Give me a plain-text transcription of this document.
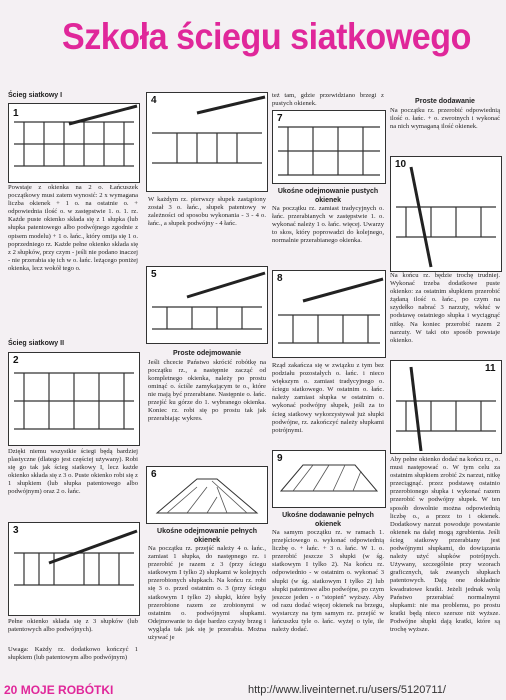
Szkoła ściegu siatkowego
Ścieg siatkowy I
1
Powstaje z okienka na 2 o. Łańcuszek początkowy musi zatem wynosić: 2 x wymagana liczba okienek + 1 o. na ostatnie o. + odpowiednia ilość o. w zastępstwie 1. o. 1. rz. Każde puste okienko składa się z 1 słupka (lub słupka patentowego albo podwójnego zgodnie z opisem modelu) + 1 o. łańc., który omija się 1 o. poprzedniego rz. Każde pełne okienko składa się z 2 słupków, przy czym - jeśli nie podano inaczej - nie przerabia się ich w o. łańc. leżącego poniżej okienka, lecz wokół tego o.
Ścieg siatkowy II
2
Dzięki niemu wszystkie ściegi będą bardziej plastyczne (dlatego jest częściej używany). Robi się go tak jak ścieg siatkowy I, lecz każde okienko składa się z 3 o. Puste okienko robi się z 1 słupkiem (lub słupka patentowego albo podwójnym) oraz 2 o. łańc.
3
Pełne okienko składa się z 3 słupków (lub patentowych albo podwójnych).
Uwaga: Każdy rz. dodatkowo kończyć 1 słupkiem (lub patentowym albo podwójnym)
4
W każdym rz. pierwszy słupek zastąpiony został 3 o. łańc., słupek patentowy w zależności od sposobu wykonania - 3 - 4 o. łańc., a słupek podwójny - 4 łańc.
5
Proste odejmowanie
Jeśli chcecie Państwo skrócić robótkę na początku rz., a następnie zacząć od kompletnego okienka, należy po prostu ominąć o. ściśle zamykającym te o., które nie mają być przerabiane. Następnie o. łańc. przejść ku górze do 1. wybranego okienka. Koniec rz. robi się po prostu tak jak przerabiając wykres.
6
Ukośne odejmowanie pełnych okienek
Na początku rz. przejść należy 4 o. łańc., zamiast 1 słupka, do następnego rz. i przerobić je razem z 3 (przy ściegu siatkowym I tylko 2) słupkami w kolejnych przerobionych słupkach. Na końcu rz. robi się 3 o. przed ostatnim o. 3 (przy ściegu siatkowym I tylko 2) słupki, które były przerobione razem ze zrobionymi w ostatnim o. podwójnymi słupkami. Odejmowanie to daje bardzo czysty brzeg i wygląda tak jak się je przerabia. Można używać je
też tam, gdzie przewidziano brzegi z pustych okienek.
7
Ukośne odejmowanie pustych okienek
Na początku rz. zamiast tradycyjnych o. łańc. przerabianych w zastępstwie 1. o. wykonać należy 1 o. łańc. więcej. Uwarzy to skos, który poprowadzi do kolejnego, normalnie przerabianego okienka.
8
Rząd zakańcza się w związku z tym bez podziału pozostałych o. łańc. i nieco większym o. zamiast tradycyjnego o. ściegu siatkowego. W ostatnim o. łańc. należy zamiast słupka w ostatnim o. wykonać podwójny słupek, jeśli za to ścieg siatkowy wykorzystywał już słupki podwójne, rz. zakończyć należy słupkami potrójnymi.
9
Ukośne dodawanie pełnych okienek
Na samym początku rz. w ramach 1. przejściowego o. wykonać odpowiednią liczbę o. + łańc. + 3 o. łańc. W 1. o. przerobić jeszcze 3 słupki (w śg. siatkowym I tylko 2). Na końcu rz. odpowiednio - w ostatnim o. wykonać 3 słupki (w śg. siatkowym I tylko 2) lub słupki patentowe albo podwójne, po czym jeszcze jeden - o "stopień" wyższy. Aby od razu dodać więcej okienek na brzegu, wystarczy na tym samym rz. przejść w łańcuszku tyle o. łańc. wyżej o tyle, ile należy dodać.
Proste dodawanie
Na początku rz. przerobić odpowiednią ilość o. łańc. + o. zwrotnych i wykonać na nich wymaganą ilość okienek.
10
Na końcu rz. będzie trochę trudniej. Wykonać trzeba dodatkowe puste okienko: za ostatnim słupkiem przerobić żądaną ilość o. łańc., po czym na szydełko nabrać 3 narzuty, wkłuć w podstawę ostatniego słupka i wyciągnąć nitkę. Na koniec przerobić razem 2 narzuty. W taki oto sposób powstaje okienko.
11
Aby pełne okienko dodać na końcu rz., o. musi następować o. W tym celu za ostatnim słupkiem zrobić 2x narzut, nitkę przeciągnąć. przez podstawę ostatnio przerobionego słupka i wykonać razem przerobić w podwójny słupek. W ten sposób dowolnie można odpowiednią liczbę o., a przez to i okienek. Dodatkowy narzut powoduje powstanie okienek na dalej mogą zgrubienia. Jeśli ścieg siatkowy przerabiany jest podwójnymi słupkami, do dowiązania należy użyć słupków potrójnych. Używany, szczególnie przy wzorach graficznych, tak zwanych słupkach patentowych. Dają one dokładnie kwadratowe kratki. Jeżeli jednak wolą Państwo przerabiać normalnymi słupkami: nie ma problemu, po prostu kratki będą nieco szersze niż wyższe. Podwójne słupki dają kratki, które są trochę wyższe.
20 MOJE ROBÓTKI	http://www.liveinternet.ru/users/5120711/
